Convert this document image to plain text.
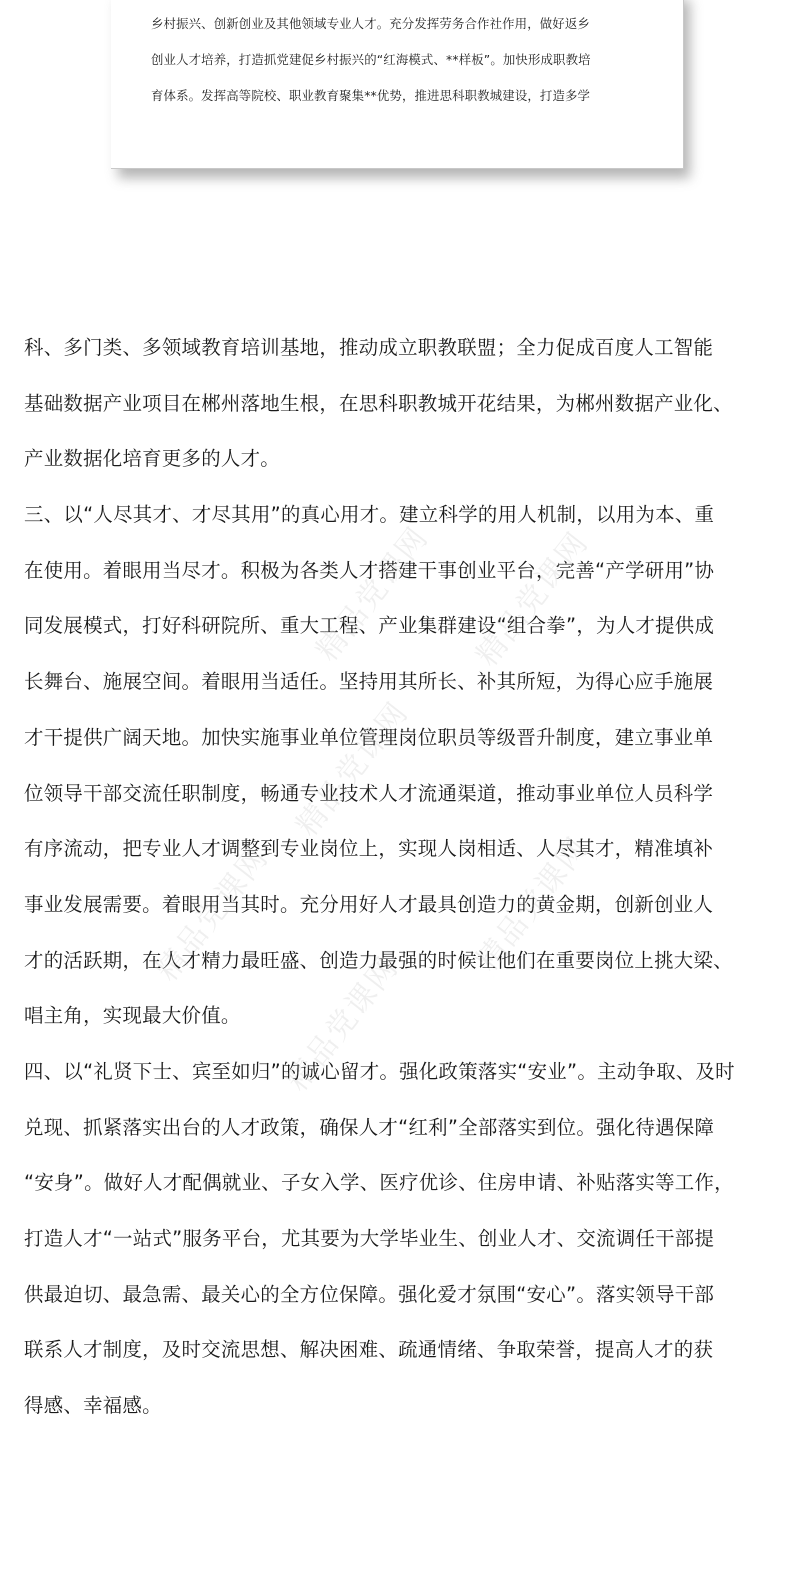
乡村振兴、创新创业及其他领域专业人才。充分发挥劳务合作社作用，做好返乡
创业人才培养，打造抓党建促乡村振兴的“红海模式、**样板”。加快形成职教培
育体系。发挥高等院校、职业教育聚集**优势，推进思科职教城建设，打造多学
科、多门类、多领域教育培训基地，推动成立职教联盟；全力促成百度人工智能
基础数据产业项目在郴州落地生根，在思科职教城开花结果，为郴州数据产业化、
产业数据化培育更多的人才。
三、以“人尽其才、才尽其用”的真心用才。建立科学的用人机制，以用为本、重
在使用。着眼用当尽才。积极为各类人才搭建干事创业平台，完善“产学研用”协
同发展模式，打好科研院所、重大工程、产业集群建设“组合拳”，为人才提供成
长舞台、施展空间。着眼用当适任。坚持用其所长、补其所短，为得心应手施展
才干提供广阔天地。加快实施事业单位管理岗位职员等级晋升制度，建立事业单
位领导干部交流任职制度，畅通专业技术人才流通渠道，推动事业单位人员科学
有序流动，把专业人才调整到专业岗位上，实现人岗相适、人尽其才，精准填补
事业发展需要。着眼用当其时。充分用好人才最具创造力的黄金期，创新创业人
才的活跃期，在人才精力最旺盛、创造力最强的时候让他们在重要岗位上挑大梁、
唱主角，实现最大价值。
四、以“礼贤下士、宾至如归”的诚心留才。强化政策落实“安业”。主动争取、及时
兑现、抓紧落实出台的人才政策，确保人才“红利”全部落实到位。强化待遇保障
“安身”。做好人才配偶就业、子女入学、医疗优诊、住房申请、补贴落实等工作，
打造人才“一站式”服务平台，尤其要为大学毕业生、创业人才、交流调任干部提
供最迫切、最急需、最关心的全方位保障。强化爱才氛围“安心”。落实领导干部
联系人才制度，及时交流思想、解决困难、疏通情绪、争取荣誉，提高人才的获
得感、幸福感。
精品党课网 精品党课网
精品党课网
精品党课网	精品党课网
精品党课网
